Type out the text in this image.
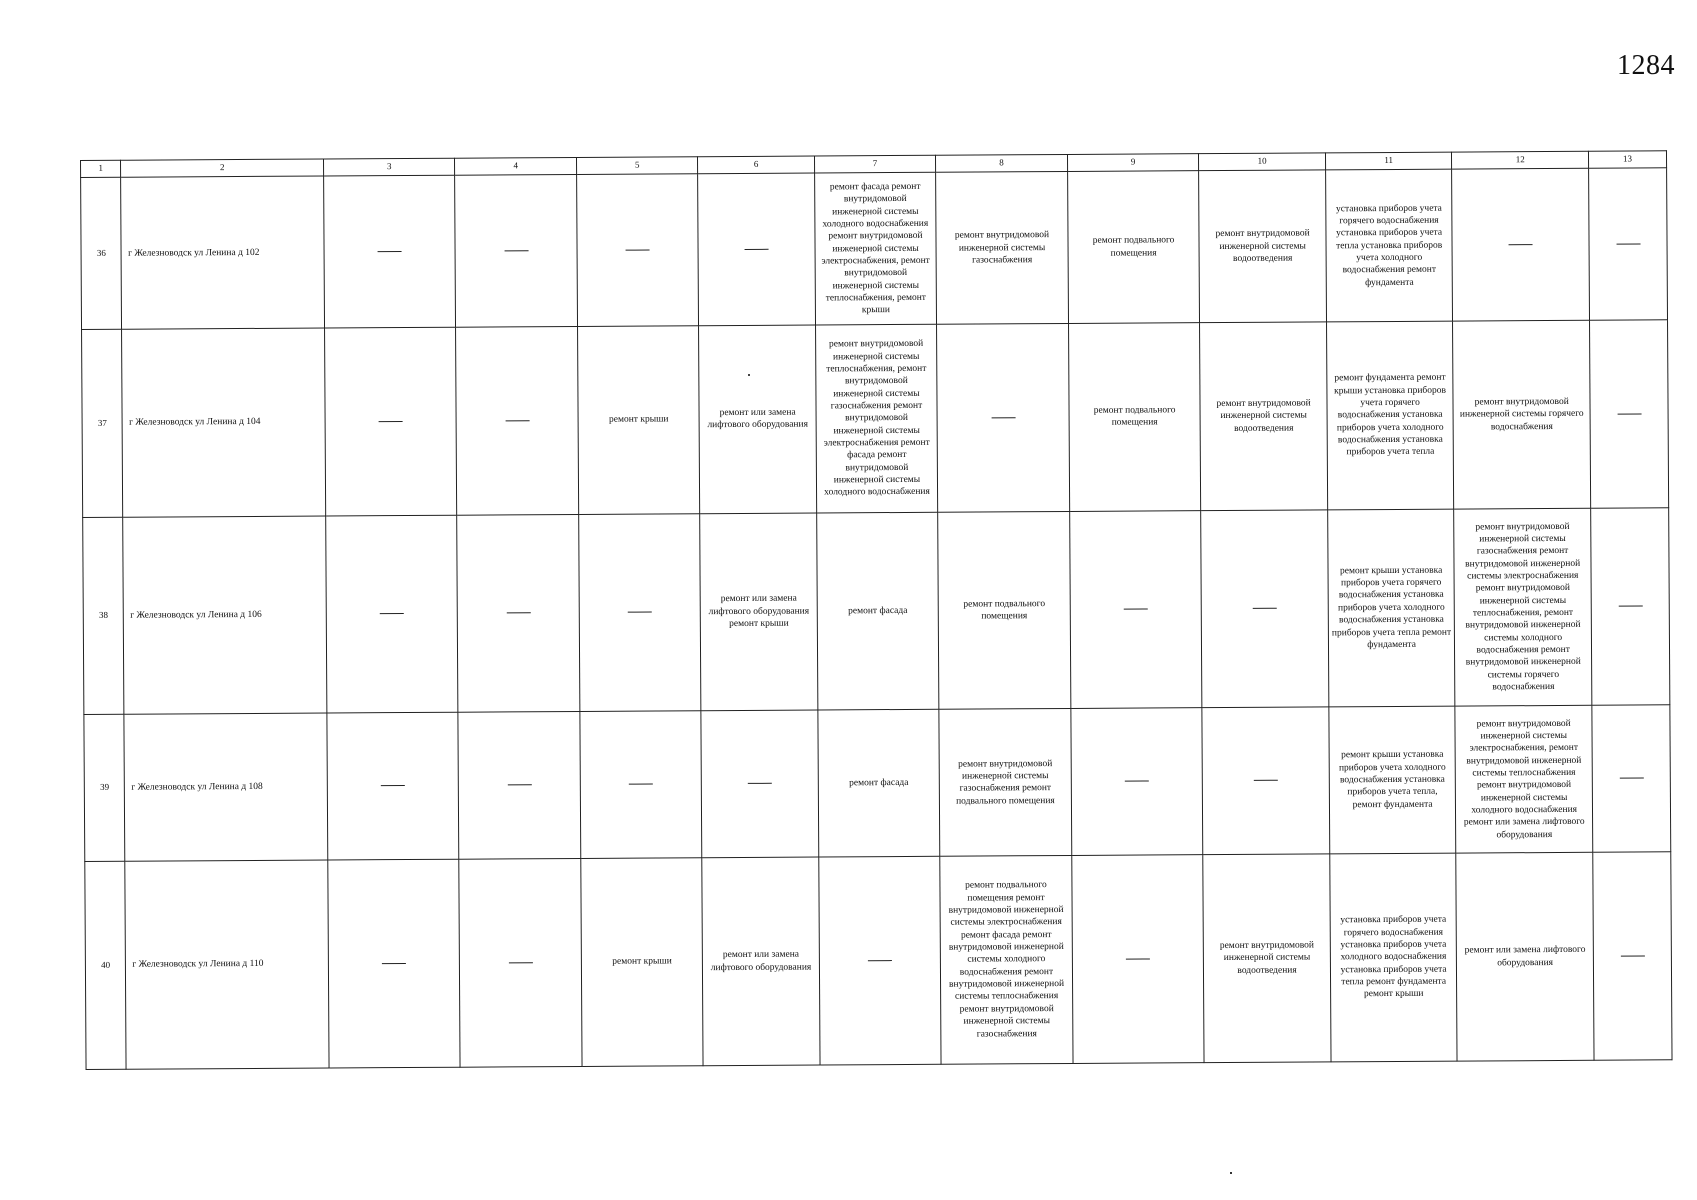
1284
1	2	3	4	5	6	7	8	9	10	11	12	13
36	г Железноводск ул Ленина д 102					ремонт фасада ремонт внутридомовой инженерной системы холодного водоснабжения ремонт внутридомовой инженерной системы электроснабжения, ремонт внутридомовой инженерной системы теплоснабжения, ремонт крыши	ремонт внутридомовой инженерной системы газоснабжения	ремонт подвального помещения	ремонт внутридомовой инженерной системы водоотведения	установка приборов учета горячего водоснабжения установка приборов учета тепла установка приборов учета холодного водоснабжения ремонт фундамента		
37	г Железноводск ул Ленина д 104			ремонт крыши	ремонт или замена лифтового оборудования	ремонт внутридомовой инженерной системы теплоснабжения, ремонт внутридомовой инженерной системы газоснабжения ремонт внутридомовой инженерной системы электроснабжения ремонт фасада ремонт внутридомовой инженерной системы холодного водоснабжения		ремонт подвального помещения	ремонт внутридомовой инженерной системы водоотведения	ремонт фундамента ремонт крыши установка приборов учета горячего водоснабжения установка приборов учета холодного водоснабжения установка приборов учета тепла	ремонт внутридомовой инженерной системы горячего водоснабжения	
38	г Железноводск ул Ленина д 106				ремонт или замена лифтового оборудования ремонт крыши	ремонт фасада	ремонт подвального помещения			ремонт крыши установка приборов учета горячего водоснабжения установка приборов учета холодного водоснабжения установка приборов учета тепла ремонт фундамента	ремонт внутридомовой инженерной системы газоснабжения ремонт внутридомовой инженерной системы электроснабжения ремонт внутридомовой инженерной системы теплоснабжения, ремонт внутридомовой инженерной системы холодного водоснабжения ремонт внутридомовой инженерной системы горячего водоснабжения	
39	г Железноводск ул Ленина д 108					ремонт фасада	ремонт внутридомовой инженерной системы газоснабжения ремонт подвального помещения			ремонт крыши установка приборов учета холодного водоснабжения установка приборов учета тепла, ремонт фундамента	ремонт внутридомовой инженерной системы электроснабжения, ремонт внутридомовой инженерной системы теплоснабжения ремонт внутридомовой инженерной системы холодного водоснабжения ремонт или замена лифтового оборудования	
40	г Железноводск ул Ленина д 110			ремонт крыши	ремонт или замена лифтового оборудования		ремонт подвального помещения ремонт внутридомовой инженерной системы электроснабжения ремонт фасада ремонт внутридомовой инженерной системы холодного водоснабжения ремонт внутридомовой инженерной системы теплоснабжения ремонт внутридомовой инженерной системы газоснабжения		ремонт внутридомовой инженерной системы водоотведения	установка приборов учета горячего водоснабжения установка приборов учета холодного водоснабжения установка приборов учета тепла ремонт фундамента ремонт крыши	ремонт или замена лифтового оборудования	
